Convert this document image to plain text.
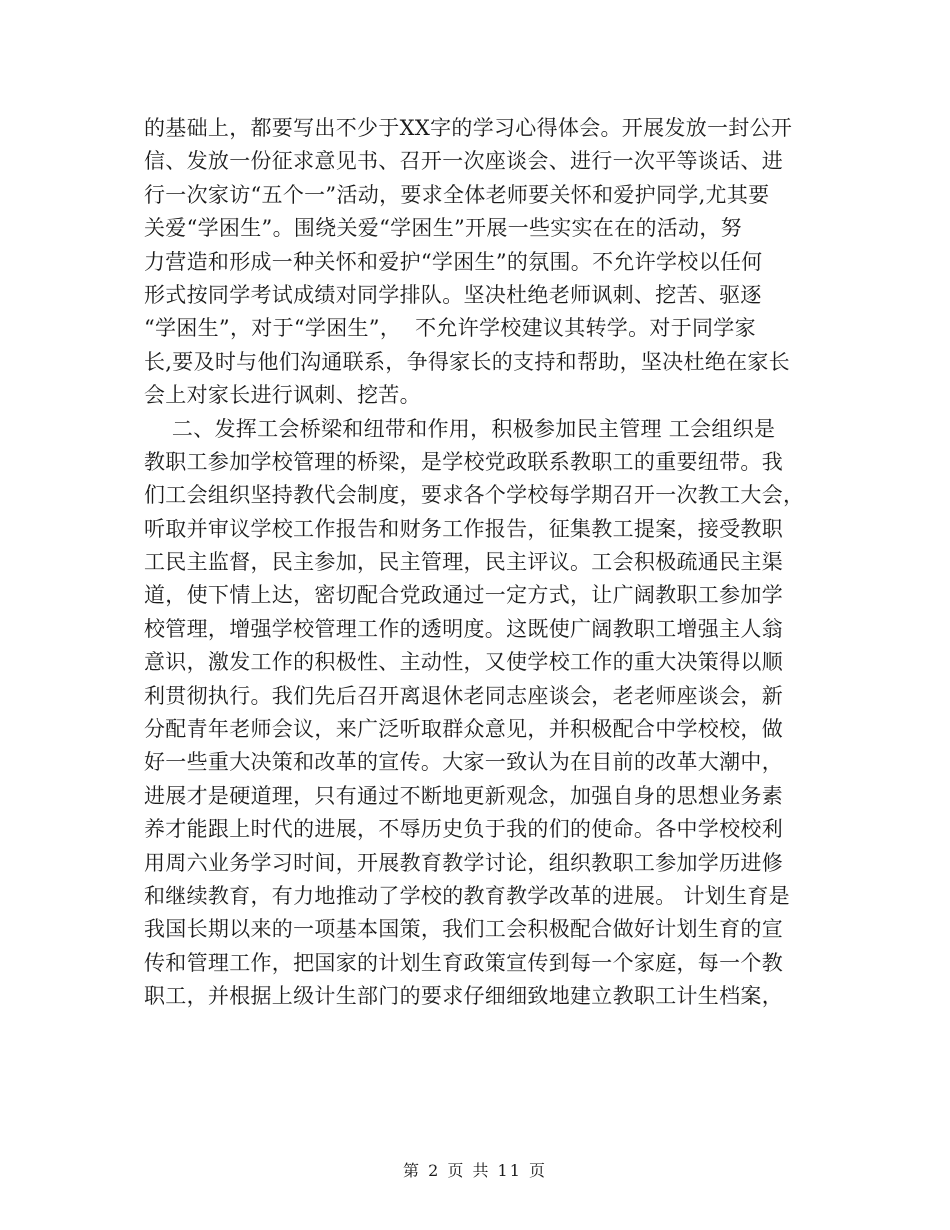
的基础上，都要写出不少于XX字的学习心得体会。开展发放一封公开
信、发放一份征求意见书、召开一次座谈会、进行一次平等谈话、进
行一次家访“五个一”活动，要求全体老师要关怀和爱护同学,尤其要
关爱“学困生”。围绕关爱“学困生”开展一些实实在在的活动，努
力营造和形成一种关怀和爱护“学困生”的氛围。不允许学校以任何
形式按同学考试成绩对同学排队。坚决杜绝老师讽刺、挖苦、驱逐
“学困生”，对于“学困生”，  不允许学校建议其转学。对于同学家
长,要及时与他们沟通联系，争得家长的支持和帮助，坚决杜绝在家长
会上对家长进行讽刺、挖苦。
二、发挥工会桥梁和纽带和作用，积极参加民主管理 工会组织是
教职工参加学校管理的桥梁，是学校党政联系教职工的重要纽带。我
们工会组织坚持教代会制度，要求各个学校每学期召开一次教工大会，
听取并审议学校工作报告和财务工作报告，征集教工提案，接受教职
工民主监督，民主参加，民主管理，民主评议。工会积极疏通民主渠
道，使下情上达，密切配合党政通过一定方式，让广阔教职工参加学
校管理，增强学校管理工作的透明度。这既使广阔教职工增强主人翁
意识，激发工作的积极性、主动性，又使学校工作的重大决策得以顺
利贯彻执行。我们先后召开离退休老同志座谈会，老老师座谈会，新
分配青年老师会议，来广泛听取群众意见，并积极配合中学校校，做
好一些重大决策和改革的宣传。大家一致认为在目前的改革大潮中，
进展才是硬道理，只有通过不断地更新观念，加强自身的思想业务素
养才能跟上时代的进展，不辱历史负于我的们的使命。各中学校校利
用周六业务学习时间，开展教育教学讨论，组织教职工参加学历进修
和继续教育，有力地推动了学校的教育教学改革的进展。 计划生育是
我国长期以来的一项基本国策，我们工会积极配合做好计划生育的宣
传和管理工作，把国家的计划生育政策宣传到每一个家庭，每一个教
职工，并根据上级计生部门的要求仔细细致地建立教职工计生档案，
第 2 页 共 11 页
